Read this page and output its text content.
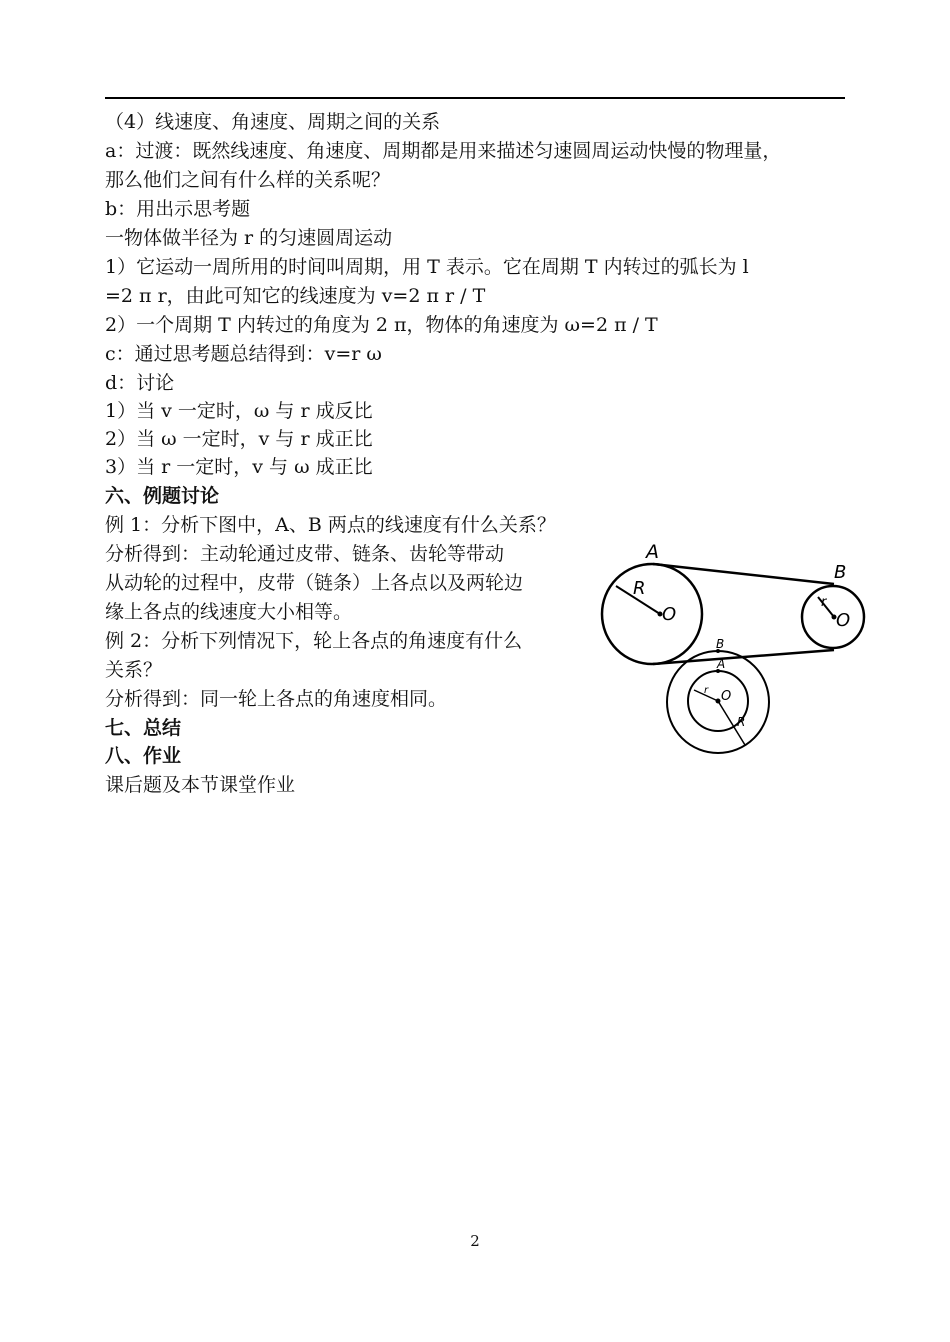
（4）线速度、角速度、周期之间的关系
a：过渡：既然线速度、角速度、周期都是用来描述匀速圆周运动快慢的物理量，
那么他们之间有什么样的关系呢？
b：用出示思考题
一物体做半径为 r 的匀速圆周运动
1）它运动一周所用的时间叫周期，用 T 表示。它在周期 T 内转过的弧长为 l
=2 π r，由此可知它的线速度为 v=2 π r / T
2）一个周期 T 内转过的角度为 2 π，物体的角速度为 ω=2 π / T
c：通过思考题总结得到：v=r ω
d：讨论
1）当 v 一定时，ω 与 r 成反比
2）当 ω 一定时，v 与 r 成正比
3）当 r 一定时，v 与 ω 成正比
六、例题讨论
例 1：分析下图中，A、B 两点的线速度有什么关系？
分析得到：主动轮通过皮带、链条、齿轮等带动
从动轮的过程中，皮带（链条）上各点以及两轮边
缘上各点的线速度大小相等。
例 2：分析下列情况下，轮上各点的角速度有什么
关系？
分析得到：同一轮上各点的角速度相同。
七、总结
八、作业
课后题及本节课堂作业
A
B
R
r
O	O
B
A
O
r
R
2
